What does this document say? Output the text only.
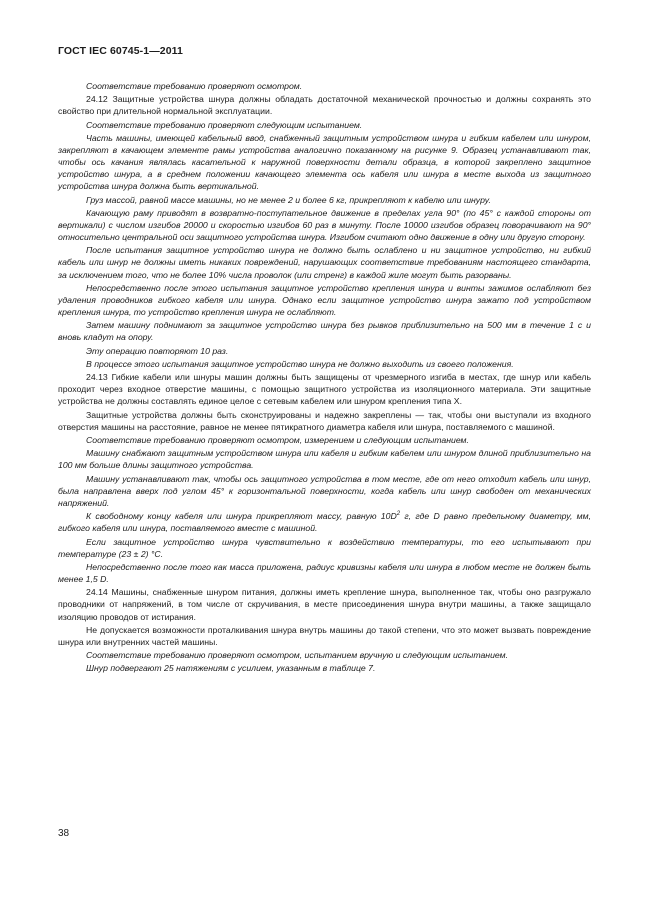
ГОСТ IEC 60745-1—2011

Соответствие требованию проверяют осмотром.

24.12 Защитные устройства шнура должны обладать достаточной механической прочностью и должны сохранять это свойство при длительной нормальной эксплуатации.

Соответствие требованию проверяют следующим испытанием.

Часть машины, имеющей кабельный ввод, снабженный защитным устройством шнура и гибким кабелем или шнуром, закрепляют в качающем элементе рамы устройства аналогично показанному на рисунке 9. Образец устанавливают так, чтобы ось качания являлась касательной к наружной поверхности детали образца, в которой закреплено защитное устройство шнура, а в среднем положении качающего элемента ось кабеля или шнура в месте выхода из защитного устройства шнура должна быть вертикальной.

Груз массой, равной массе машины, но не менее 2 и более 6 кг, прикрепляют к кабелю или шнуру.

Качающую раму приводят в возвратно-поступательное движение в пределах угла 90° (по 45° с каждой стороны от вертикали) с числом изгибов 20000 и скоростью изгибов 60 раз в минуту. После 10000 изгибов образец поворачивают на 90° относительно центральной оси защитного устройства шнура. Изгибом считают одно движение в одну или другую сторону.

После испытания защитное устройство шнура не должно быть ослаблено и ни защитное устройство, ни гибкий кабель или шнур не должны иметь никаких повреждений, нарушающих соответствие требованиям настоящего стандарта, за исключением того, что не более 10% числа проволок (или стренг) в каждой жиле могут быть разорваны.

Непосредственно после этого испытания защитное устройство крепления шнура и винты зажимов ослабляют без удаления проводников гибкого кабеля или шнура. Однако если защитное устройство шнура зажато под устройством крепления шнура, то устройство крепления шнура не ослабляют.

Затем машину поднимают за защитное устройство шнура без рывков приблизительно на 500 мм в течение 1 с и вновь кладут на опору.

Эту операцию повторяют 10 раз.

В процессе этого испытания защитное устройство шнура не должно выходить из своего положения.

24.13 Гибкие кабели или шнуры машин должны быть защищены от чрезмерного изгиба в местах, где шнур или кабель проходит через входное отверстие машины, с помощью защитного устройства из изоляционного материала. Эти защитные устройства не должны составлять единое целое с сетевым кабелем или шнуром крепления типа X.

Защитные устройства должны быть сконструированы и надежно закреплены — так, чтобы они выступали из входного отверстия машины на расстояние, равное не менее пятикратного диаметра кабеля или шнура, поставляемого с машиной.

Соответствие требованию проверяют осмотром, измерением и следующим испытанием.

Машину снабжают защитным устройством шнура или кабеля и гибким кабелем или шнуром длиной приблизительно на 100 мм больше длины защитного устройства.

Машину устанавливают так, чтобы ось защитного устройства в том месте, где от него отходит кабель или шнур, была направлена вверх под углом 45° к горизонтальной поверхности, когда кабель или шнур свободен от механических напряжений.

К свободному концу кабеля или шнура прикрепляют массу, равную $10D^2$ г, где D равно предельному диаметру, мм, гибкого кабеля или шнура, поставляемого вместе с машиной.

Если защитное устройство шнура чувствительно к воздействию температуры, то его испытывают при температуре (23 ± 2) °С.

Непосредственно после того как масса приложена, радиус кривизны кабеля или шнура в любом месте не должен быть менее 1,5 D.

24.14 Машины, снабженные шнуром питания, должны иметь крепление шнура, выполненное так, чтобы оно разгружало проводники от напряжений, в том числе от скручивания, в месте присоединения шнура внутри машины, а также защищало изоляцию проводов от истирания.

Не допускается возможности проталкивания шнура внутрь машины до такой степени, что это может вызвать повреждение шнура или внутренних частей машины.

Соответствие требованию проверяют осмотром, испытанием вручную и следующим испытанием.

Шнур подвергают 25 натяжениям с усилием, указанным в таблице 7.

38
